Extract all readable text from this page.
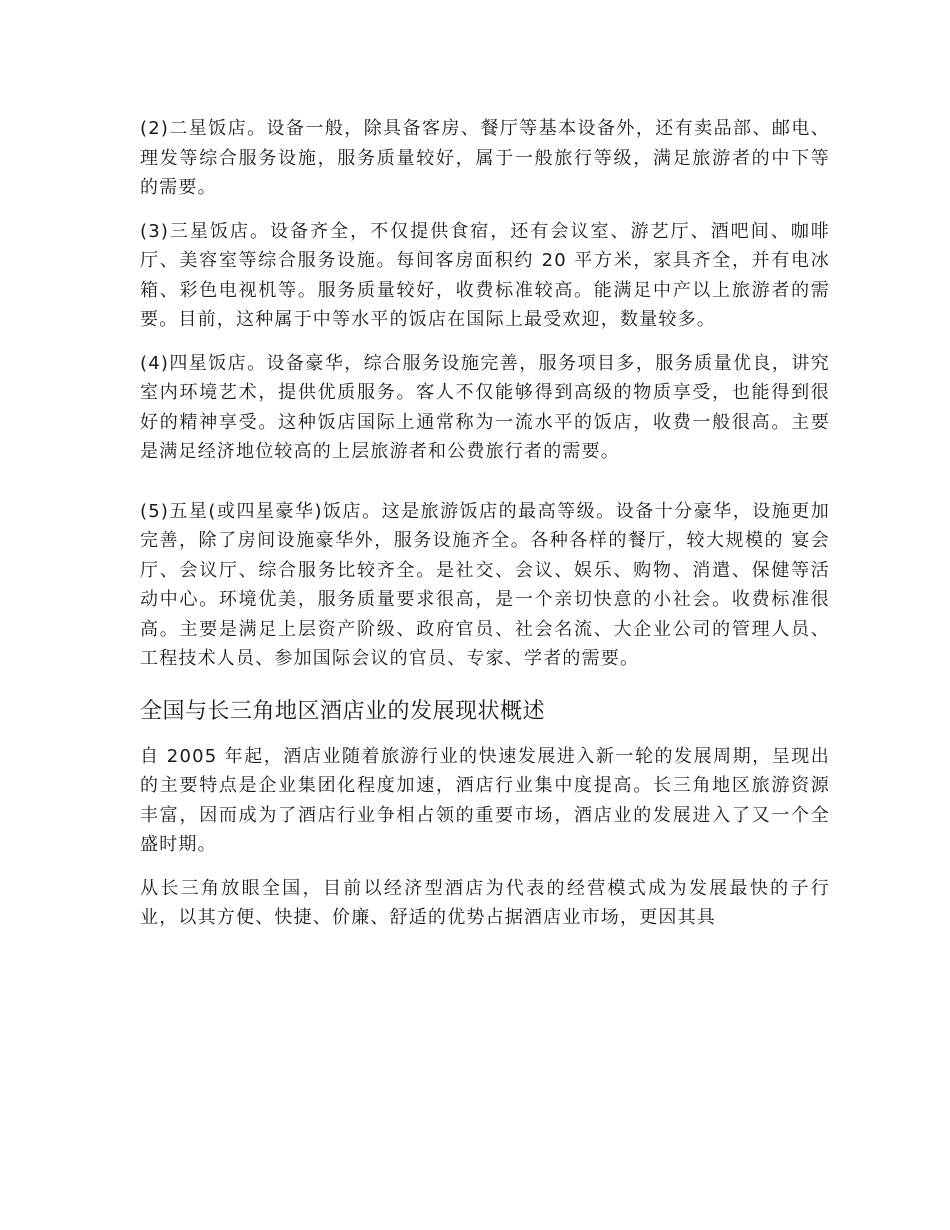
(2)二星饭店。设备一般，除具备客房、餐厅等基本设备外，还有卖品部、邮电、理发等综合服务设施，服务质量较好，属于一般旅行等级，满足旅游者的中下等的需要。

(3)三星饭店。设备齐全，不仅提供食宿，还有会议室、游艺厅、酒吧间、咖啡厅、美容室等综合服务设施。每间客房面积约 20 平方米，家具齐全，并有电冰箱、彩色电视机等。服务质量较好，收费标准较高。能满足中产以上旅游者的需要。目前，这种属于中等水平的饭店在国际上最受欢迎，数量较多。

(4)四星饭店。设备豪华，综合服务设施完善，服务项目多，服务质量优良，讲究室内环境艺术，提供优质服务。客人不仅能够得到高级的物质享受，也能得到很好的精神享受。这种饭店国际上通常称为一流水平的饭店，收费一般很高。主要是满足经济地位较高的上层旅游者和公费旅行者的需要。

(5)五星(或四星豪华)饭店。这是旅游饭店的最高等级。设备十分豪华，设施更加完善，除了房间设施豪华外，服务设施齐全。各种各样的餐厅，较大规模的 宴会厅、会议厅、综合服务比较齐全。是社交、会议、娱乐、购物、消遣、保健等活动中心。环境优美，服务质量要求很高，是一个亲切快意的小社会。收费标准很高。主要是满足上层资产阶级、政府官员、社会名流、大企业公司的管理人员、工程技术人员、参加国际会议的官员、专家、学者的需要。

全国与长三角地区酒店业的发展现状概述

自 2005 年起，酒店业随着旅游行业的快速发展进入新一轮的发展周期，呈现出的主要特点是企业集团化程度加速，酒店行业集中度提高。长三角地区旅游资源丰富，因而成为了酒店行业争相占领的重要市场，酒店业的发展进入了又一个全盛时期。

从长三角放眼全国，目前以经济型酒店为代表的经营模式成为发展最快的子行业，以其方便、快捷、价廉、舒适的优势占据酒店业市场，更因其具
